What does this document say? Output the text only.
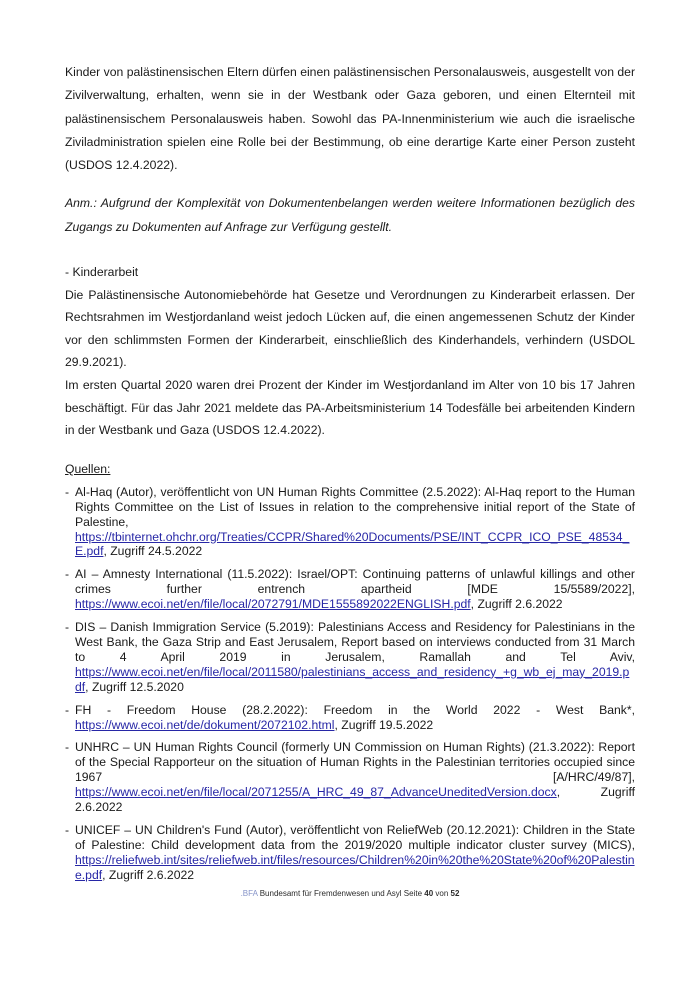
Kinder von palästinensischen Eltern dürfen einen palästinensischen Personalausweis, ausgestellt von der Zivilverwaltung, erhalten, wenn sie in der Westbank oder Gaza geboren, und einen Elternteil mit palästinensischem Personalausweis haben. Sowohl das PA-Innenministerium wie auch die israelische Ziviladministration spielen eine Rolle bei der Bestimmung, ob eine derartige Karte einer Person zusteht (USDOS 12.4.2022).

Anm.: Aufgrund der Komplexität von Dokumentenbelangen werden weitere Informationen bezüglich des Zugangs zu Dokumenten auf Anfrage zur Verfügung gestellt.

- Kinderarbeit

Die Palästinensische Autonomiebehörde hat Gesetze und Verordnungen zu Kinderarbeit erlassen. Der Rechtsrahmen im Westjordanland weist jedoch Lücken auf, die einen angemessenen Schutz der Kinder vor den schlimmsten Formen der Kinderarbeit, einschließlich des Kinderhandels, verhindern (USDOL 29.9.2021).

Im ersten Quartal 2020 waren drei Prozent der Kinder im Westjordanland im Alter von 10 bis 17 Jahren beschäftigt. Für das Jahr 2021 meldete das PA-Arbeitsministerium 14 Todesfälle bei arbeitenden Kindern in der Westbank und Gaza (USDOS 12.4.2022).

Quellen:
- Al-Haq (Autor), veröffentlicht von UN Human Rights Committee (2.5.2022): Al-Haq report to the Human Rights Committee on the List of Issues in relation to the comprehensive initial report of the State of Palestine, https://tbinternet.ohchr.org/Treaties/CCPR/Shared%20Documents/PSE/INT_CCPR_ICO_PSE_48534_E.pdf, Zugriff 24.5.2022
- AI – Amnesty International (11.5.2022): Israel/OPT: Continuing patterns of unlawful killings and other crimes further entrench apartheid [MDE 15/5589/2022], https://www.ecoi.net/en/file/local/2072791/MDE1555892022ENGLISH.pdf, Zugriff 2.6.2022
- DIS – Danish Immigration Service (5.2019): Palestinians Access and Residency for Palestinians in the West Bank, the Gaza Strip and East Jerusalem, Report based on interviews conducted from 31 March to 4 April 2019 in Jerusalem, Ramallah and Tel Aviv, https://www.ecoi.net/en/file/local/2011580/palestinians_access_and_residency_+g_wb_ej_may_2019.pdf, Zugriff 12.5.2020
- FH - Freedom House (28.2.2022): Freedom in the World 2022 - West Bank*, https://www.ecoi.net/de/dokument/2072102.html, Zugriff 19.5.2022
- UNHRC – UN Human Rights Council (formerly UN Commission on Human Rights) (21.3.2022): Report of the Special Rapporteur on the situation of Human Rights in the Palestinian territories occupied since 1967 [A/HRC/49/87], https://www.ecoi.net/en/file/local/2071255/A_HRC_49_87_AdvanceUneditedVersion.docx, Zugriff 2.6.2022
- UNICEF – UN Children's Fund (Autor), veröffentlicht von ReliefWeb (20.12.2021): Children in the State of Palestine: Child development data from the 2019/2020 multiple indicator cluster survey (MICS), https://reliefweb.int/sites/reliefweb.int/files/resources/Children%20in%20the%20State%20of%20Palestine.pdf, Zugriff 2.6.2022
.BFA Bundesamt für Fremdenwesen und Asyl Seite 40 von 52
